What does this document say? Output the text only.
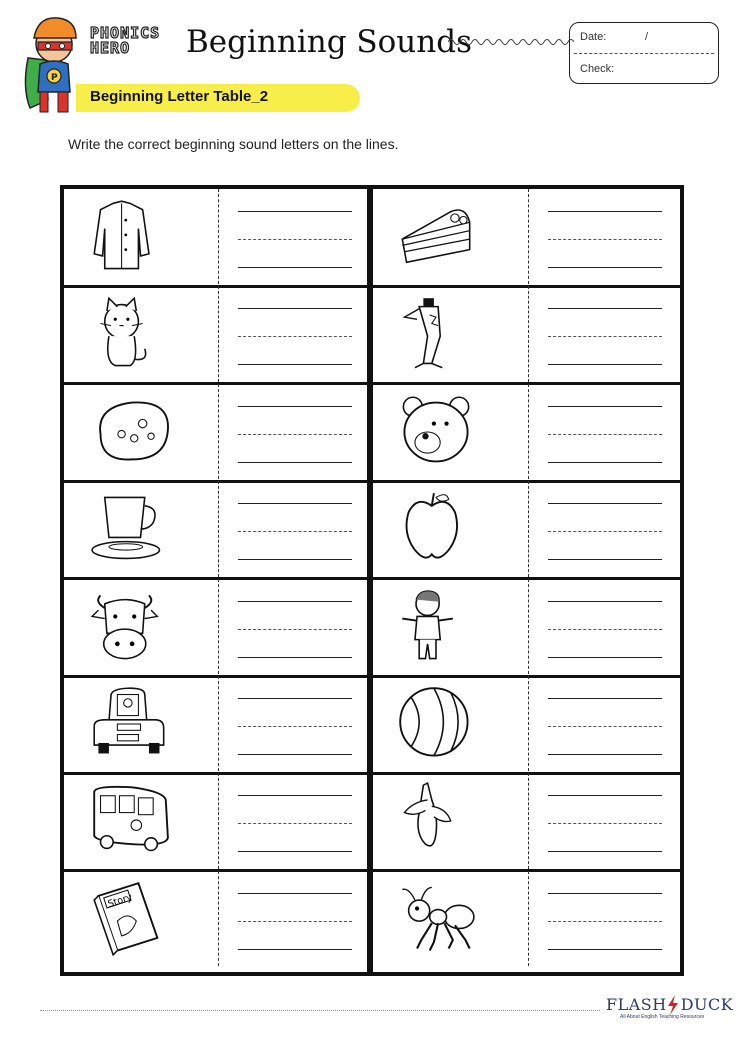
P
PHONICS
HERO	Beginning Sounds	Date:	/
Check:
Beginning Letter Table_2
Write the correct beginning sound letters on the lines.
Story
FLASH DUCK
All About English Teaching Resources
